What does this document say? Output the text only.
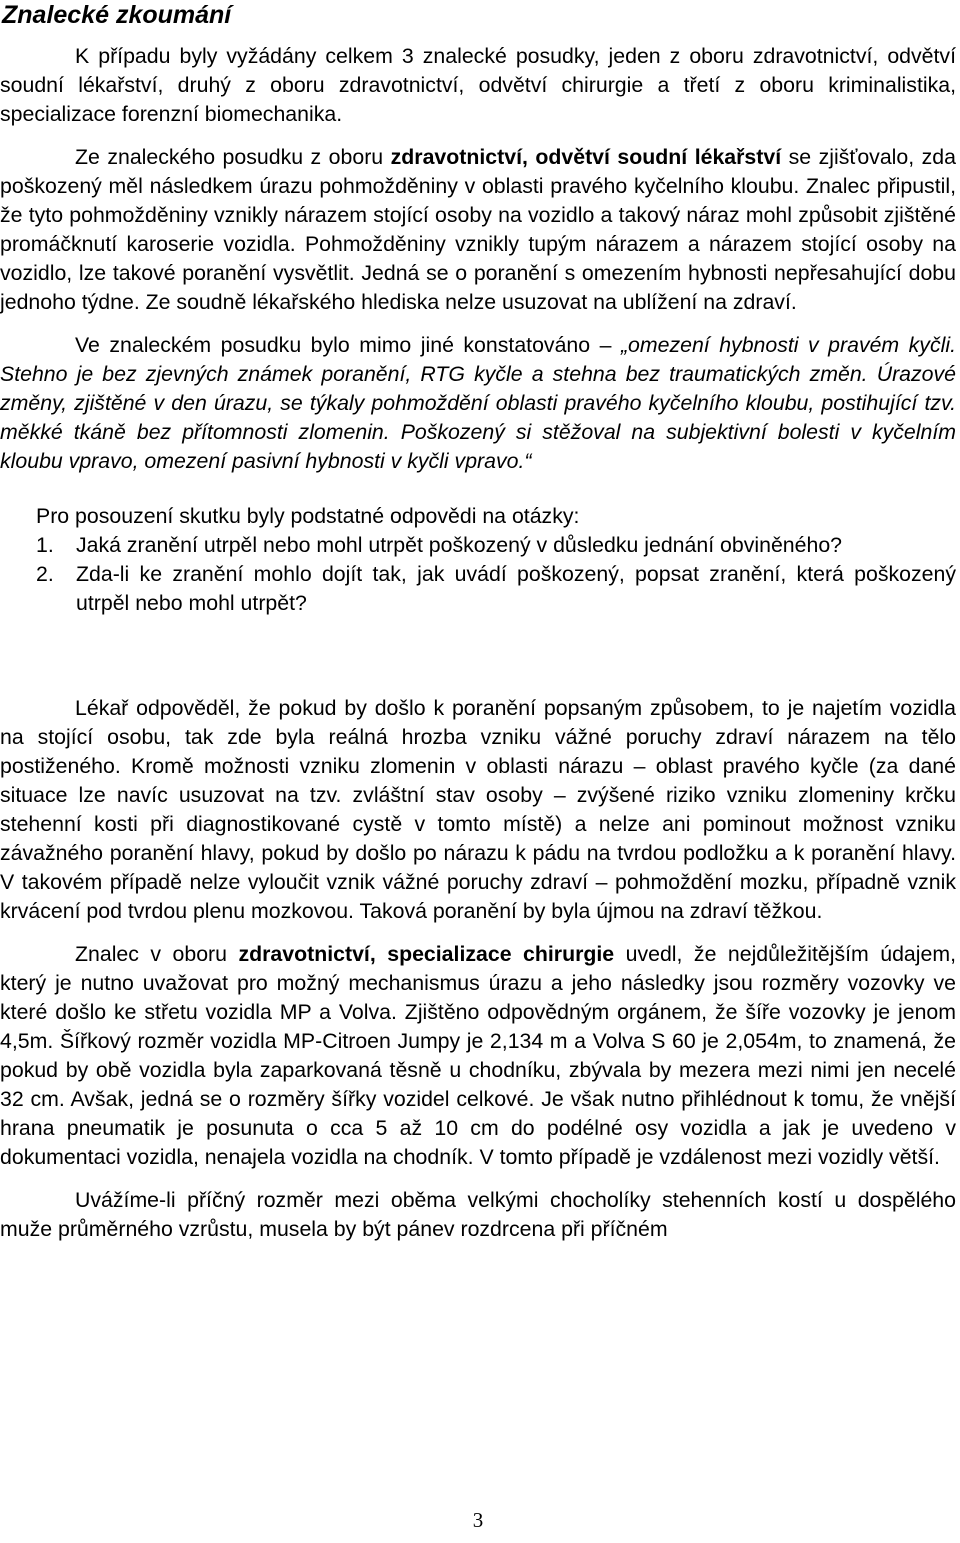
Znalecké zkoumání

K případu byly vyžádány celkem 3 znalecké posudky, jeden z oboru zdravotnictví, odvětví soudní lékařství, druhý z oboru zdravotnictví, odvětví chirurgie a třetí z oboru kriminalistika, specializace forenzní biomechanika.

Ze znaleckého posudku z oboru zdravotnictví, odvětví soudní lékařství se zjišťovalo, zda poškozený měl následkem úrazu pohmožděniny v oblasti pravého kyčelního kloubu. Znalec připustil, že tyto pohmožděniny vznikly nárazem stojící osoby na vozidlo a takový náraz mohl způsobit zjištěné promáčknutí karoserie vozidla. Pohmožděniny vznikly tupým nárazem a nárazem stojící osoby na vozidlo, lze takové poranění vysvětlit. Jedná se o poranění s omezením hybnosti nepřesahující dobu jednoho týdne. Ze soudně lékařského hlediska nelze usuzovat na ublížení na zdraví.

Ve znaleckém posudku bylo mimo jiné konstatováno – „omezení hybnosti v pravém kyčli. Stehno je bez zjevných známek poranění, RTG kyčle a stehna bez traumatických změn. Úrazové změny, zjištěné v den úrazu, se týkaly pohmoždění oblasti pravého kyčelního kloubu, postihující tzv. měkké tkáně bez přítomnosti zlomenin. Poškozený si stěžoval na subjektivní bolesti v kyčelním kloubu vpravo, omezení pasivní hybnosti v kyčli vpravo.“

Pro posouzení skutku byly podstatné odpovědi na otázky:

1. Jaká zranění utrpěl nebo mohl utrpět poškozený v důsledku jednání obviněného?
2. Zda-li ke zranění mohlo dojít tak, jak uvádí poškozený, popsat zranění, která poškozený utrpěl nebo mohl utrpět?

Lékař odpověděl, že pokud by došlo k poranění popsaným způsobem, to je najetím vozidla na stojící osobu, tak zde byla reálná hrozba vzniku vážné poruchy zdraví nárazem na tělo postiženého. Kromě možnosti vzniku zlomenin v oblasti nárazu – oblast pravého kyčle (za dané situace lze navíc usuzovat na tzv. zvláštní stav osoby – zvýšené riziko vzniku zlomeniny krčku stehenní kosti při diagnostikované cystě v tomto místě) a nelze ani pominout možnost vzniku závažného poranění hlavy, pokud by došlo po nárazu k pádu na tvrdou podložku a k poranění hlavy. V takovém případě nelze vyloučit vznik vážné poruchy zdraví – pohmoždění mozku, případně vznik krvácení pod tvrdou plenu mozkovou. Taková poranění by byla újmou na zdraví těžkou.

Znalec v oboru zdravotnictví, specializace chirurgie uvedl, že nejdůležitějším údajem, který je nutno uvažovat pro možný mechanismus úrazu a jeho následky jsou rozměry vozovky ve které došlo ke střetu vozidla MP a Volva. Zjištěno odpovědným orgánem, že šíře vozovky je jenom 4,5m. Šířkový rozměr vozidla MP-Citroen Jumpy je 2,134 m a Volva S 60 je 2,054m, to znamená, že pokud by obě vozidla byla zaparkovaná těsně u chodníku, zbývala by mezera mezi nimi jen necelé 32 cm. Avšak, jedná se o rozměry šířky vozidel celkové. Je však nutno přihlédnout k tomu, že vnější hrana pneumatik je posunuta o cca 5 až 10 cm do podélné osy vozidla a jak je uvedeno v dokumentaci vozidla, nenajela vozidla na chodník. V tomto případě je vzdálenost mezi vozidly větší.

Uvážíme-li příčný rozměr mezi oběma velkými chocholíky stehenních kostí u dospělého muže průměrného vzrůstu, musela by být pánev rozdrcena při příčném

3
